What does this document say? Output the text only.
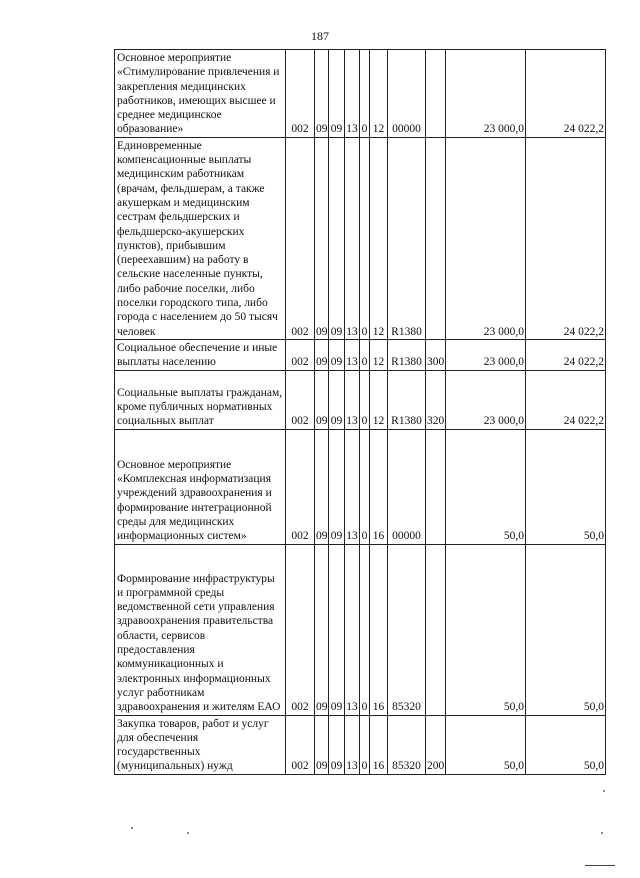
187
Основное мероприятие «Стимулирование привлечения и закрепления медицинских работников, имеющих высшее и среднее медицинское образование»	002	09	09	13	0	12	00000		23 000,0	24 022,2
Единовременные компенсационные выплаты медицинским работникам (врачам, фельдшерам, а также акушеркам и медицинским сестрам фельдшерских и фельдшерско-акушерских пунктов), прибывшим (переехавшим) на работу в сельские населенные пункты, либо рабочие поселки, либо поселки городского типа, либо города с населением до 50 тысяч человек	002	09	09	13	0	12	R1380		23 000,0	24 022,2
Социальное обеспечение и иные выплаты населению	002	09	09	13	0	12	R1380	300	23 000,0	24 022,2
Социальные выплаты гражданам, кроме публичных нормативных социальных выплат	002	09	09	13	0	12	R1380	320	23 000,0	24 022,2
Основное мероприятие «Комплексная информатизация учреждений здравоохранения и формирование интеграционной среды для медицинских информационных систем»	002	09	09	13	0	16	00000		50,0	50,0
Формирование инфраструктуры и программной среды ведомственной сети управления здравоохранения правительства области, сервисов предоставления коммуникационных и электронных информационных услуг работникам здравоохранения и жителям ЕАО	002	09	09	13	0	16	85320		50,0	50,0
Закупка товаров, работ и услуг для обеспечения государственных (муниципальных) нужд	002	09	09	13	0	16	85320	200	50,0	50,0
